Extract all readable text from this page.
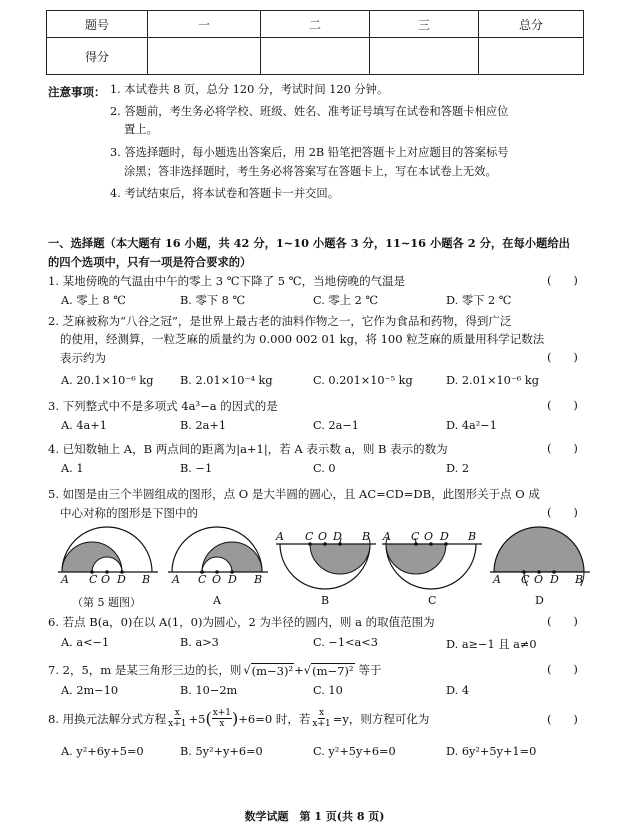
题号	一	二	三	总分
得分				
注意事项： 1. 本试卷共 8 页，总分 120 分，考试时间 120 分钟。
2. 答题前，考生务必将学校、班级、姓名、准考证号填写在试卷和答题卡相应位
置上。
3. 答选择题时，每小题选出答案后，用 2B 铅笔把答题卡上对应题目的答案标号
涂黑；答非选择题时，考生务必将答案写在答题卡上，写在本试卷上无效。
4. 考试结束后，将本试卷和答题卡一并交回。
一、选择题（本大题有 16 小题，共 42 分，1~10 小题各 3 分，11~16 小题各 2 分，在每小题给出
的四个选项中，只有一项是符合要求的）
1. 某地傍晚的气温由中午的零上 3 ℃下降了 5 ℃，当地傍晚的气温是	(      )
A. 零上 8 ℃	B. 零下 8 ℃	C. 零上 2 ℃	D. 零下 2 ℃
2. 芝麻被称为“八谷之冠”，是世界上最古老的油料作物之一，它作为食品和药物，得到广泛
的使用，经测算，一粒芝麻的质量约为 0.000 002 01 kg，将 100 粒芝麻的质量用科学记数法
表示约为	(      )
A. 20.1×10⁻⁶ kg B. 2.01×10⁻⁴ kg	C. 0.201×10⁻⁵ kg	D. 2.01×10⁻⁶ kg
3. 下列整式中不是多项式 4a³−a 的因式的是	(      )
A. 4a+1	B. 2a+1	C. 2a−1	D. 4a²−1
4. 已知数轴上 A，B 两点间的距离为|a+1|，若 A 表示数 a，则 B 表示的数为	(      )
A. 1	B. −1	C. 0	D. 2
5. 如图是由三个半圆组成的图形，点 O 是大半圆的圆心，且 AC=CD=DB，此图形关于点 O 成
中心对称的图形是下图中的	(      )
A C O D B A C O D B
A C O D B A C O D B
A C O D B
（第 5 题图）	A	B	C	D
6. 若点 B(a，0)在以 A(1，0)为圆心，2 为半径的圆内，则 a 的取值范围为	(      )
A. a<−1	B. a>3	C. −1<a<3	D. a≥−1 且 a≠0
7. 2，5，m 是某三角形三边的长，则 √ (m−3)² + √ (m−7)² 等于	(      )
A. 2m−10	B. 10−2m	C. 10	D. 4
8. 用换元法解分式方程 $\frac{x}{x+1} +5$ ( $\frac{x+1}{x}$ ) +6=0 时，若 $\frac{x}{x+1} =y$，则方程可化为	(      )
A. y²+6y+5=0	B. 5y²+y+6=0	C. y²+5y+6=0	D. 6y²+5y+1=0
数学试题　第 1 页(共 8 页)
